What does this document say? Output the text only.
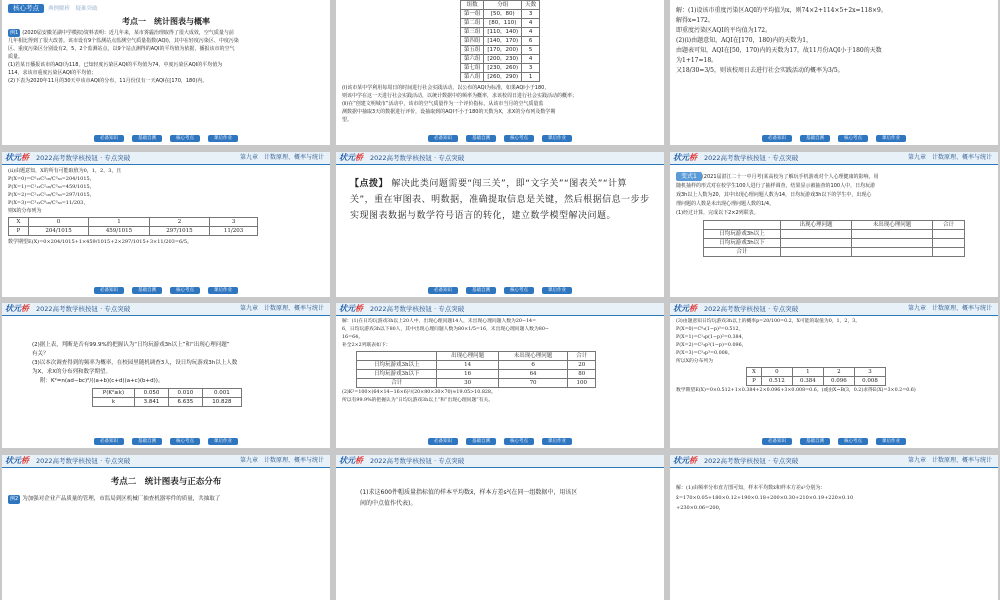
核心考点 典例解析　疑难突破
考点一　统计图表与概率

例1 (2020届安徽芜湖中学模拟)资料表明：近几年来，某市雾霾治理取得了很大成效，空气质量与前

几年相比得到了很大改善。该市设有9个监测站点监测空气质量指数(AQI)，其中在轻度污染区、中度污染

区、重度污染区分别设有2，5，2个监测站点，以9个站点测得的AQI的平均值为依据，播报该市的空气

质量。

(1)若某日播报该市的AQI为118，已知轻度污染区AQI的平均值为74，中度污染区AQI的平均值为

114，求该市重度污染区AQI的平均值；

(2)下表为2020年11月的30天中该市AQI的分布，11月份仅有一天AQI在[170，180)内。

必备知识	基础自测	核心考点	课后作业
组数	分组	天数
第一组	[50，80)	3
第二组	[80，110)	4
第三组	[110，140)	4
第四组	[140，170)	6
第五组	[170，200)	5
第六组	[200，230)	4
第七组	[230，260)	3
第八组	[260，290)	1

(ⅰ)该市某中学利用每周日的时间进行社会实践活动，以公布的AQI为标准，如果AQI小于180，

则该中学在这一天进行社会实践活动，以统计数据中的频率为概率，求该校周日进行社会实践活动的概率；

(ⅱ)在“创建文明城市”活动中，该市的空气质量作为一个评价指标，从该市当月的空气质量监

测数据中抽取3天的数据进行评价，设抽取到的AQI不小于180的天数为X，求X的分布列及数学期

望。

必备知识	基础自测	核心考点	课后作业

解：(1)设该市重度污染区AQI的平均值为x，则74×2+114×5+2x=118×9。

解得x=172。

即重度污染区AQI的平均值为172。

(2)(ⅰ)由题意知，AQI在[170，180)内的天数为1，

由题表可知，AQI在[50，170)内的天数为17，故11月份AQI小于180的天数

为1+17=18。

又18/30=3/5，则该校周日去进行社会实践活动的概率为3/5。

必备知识	基础自测	核心考点	课后作业
状元桥 2022高考数学核按钮 · 专点突破	第九章　计数原理、概率与统计

(ⅱ)由题意知，X的所有可能取值为0，1，2，3，且

P(X=0)=C⁰₁₂C³₁₈/C³₃₀=204/1015，

P(X=1)=C¹₁₂C²₁₈/C³₃₀=459/1015，

P(X=2)=C²₁₂C¹₁₈/C³₃₀=297/1015，

P(X=3)=C³₁₂C⁰₁₈/C³₃₀=11/203，

则X的分布列为

X	0	1	2	3
P	204/1015	459/1015	297/1015	11/203

数学期望E(X)=0×204/1015+1×459/1015+2×297/1015+3×11/203=6/5。

必备知识	基础自测	核心考点	课后作业
状元桥 2022高考数学核按钮 · 专点突破
【点拨】 解决此类问题需要“闯三关”，即“文字关”“图表关”“计算关”，重在审图表、明数据，准确提取信息是关键，然后根据信息一步步实现图表数据与数学符号语言的转化，建立数学模型解决问题。
必备知识	基础自测	核心考点	课后作业
状元桥 2022高考数学核按钮 · 专点突破	第九章　计数原理、概率与统计

变式1 (2021届湛江二十一中月考)某高校为了解玩手机游戏对个人心理健康的影响，用

随机抽样的形式对在校学生100人进行了抽样调查，结果显示被抽查的100人中，日均玩游

戏3h以上人数为20，其中出现心理问题人数为14，日均玩游戏3h以下的学生中，出现心

理问题的人数是未出现心理问题人数的1/4。

(1)经过计算，完成以下2×2列联表。

	出现心理问题	未出现心理问题	合计
日均玩游戏3h以上			
日均玩游戏3h以下			
合计			
状元桥 2022高考数学核按钮 · 专点突破	第九章　计数原理、概率与统计

(2)据上表，判断是否有99.9%的把握认为“日均玩游戏3h以上”和“出现心理问题”

有关？

(3)以本次调查得到的频率为概率，在校园里随机调查3人，设日均玩游戏3h以上人数

为X，求X的分布列和数学期望。

附：K²=n(ad−bc)²/((a+b)(c+d)(a+c)(b+d))。

P(K²≥k)	0.050	0.010	0.001
k	3.841	6.635	10.828
必备知识	基础自测	核心考点	课后作业
状元桥 2022高考数学核按钮 · 专点突破

解：(1)在日均玩游戏3h以上20人中，出现心理问题14人，未出现心理问题人数为20−14=

6，日均玩游戏3h以下80人，其中出现心理问题人数为80×1/5=16，未出现心理问题人数为80−

16=64。

补全2×2列联表如下：

	出现心理问题	未出现心理问题	合计
日均玩游戏3h以上	14	6	20
日均玩游戏3h以下	16	64	80
合计	30	70	100

(2)K²=100×(64×14−16×6)²/(20×80×30×70)≈19.05>10.828。

所以有99.9%的把握认为“日均玩游戏3h以上”和“出现心理问题”有关。

必备知识	基础自测	核心考点	课后作业
状元桥 2022高考数学核按钮 · 专点突破	第九章　计数原理、概率与统计

(3)由题意知日均玩游戏3h以上的概率p=20/100=0.2，X可能的取值为0，1，2，3。

P(X=0)=C⁰₃(1−p)³=0.512，

P(X=1)=C¹₃p(1−p)²=0.384，

P(X=2)=C²₃p²(1−p)=0.096，

P(X=3)=C³₃p³=0.008。

所以X的分布列为

X	0	1	2	3
P	0.512	0.384	0.096	0.008

数学期望E(X)=0×0.512+1×0.384+2×0.096+3×0.008=0.6。(或由X~B(3，0.2)求得E(X)=3×0.2=0.6)

必备知识	基础自测	核心考点	课后作业
状元桥 2022高考数学核按钮 · 专点突破	第九章　计数原理、概率与统计
考点二　统计图表与正态分布

例2 为加强对企业产品质量的管理，市监局到区机械厂抽查机器零件的质量，共抽取了

状元桥 2022高考数学核按钮 · 专点突破

(1)求这600件帽质量指标值的样本平均数x̄，样本方差s²(在同一组数据中，用该区

间的中点值作代表)。

状元桥 2022高考数学核按钮 · 专点突破	第九章　计数原理、概率与统计

解：(1)由频率分布直方图可知，样本平均数x̄和样本方差s²分别为：

x̄=170×0.05+180×0.12+190×0.18+200×0.30+210×0.19+220×0.10

+230×0.06=200，
